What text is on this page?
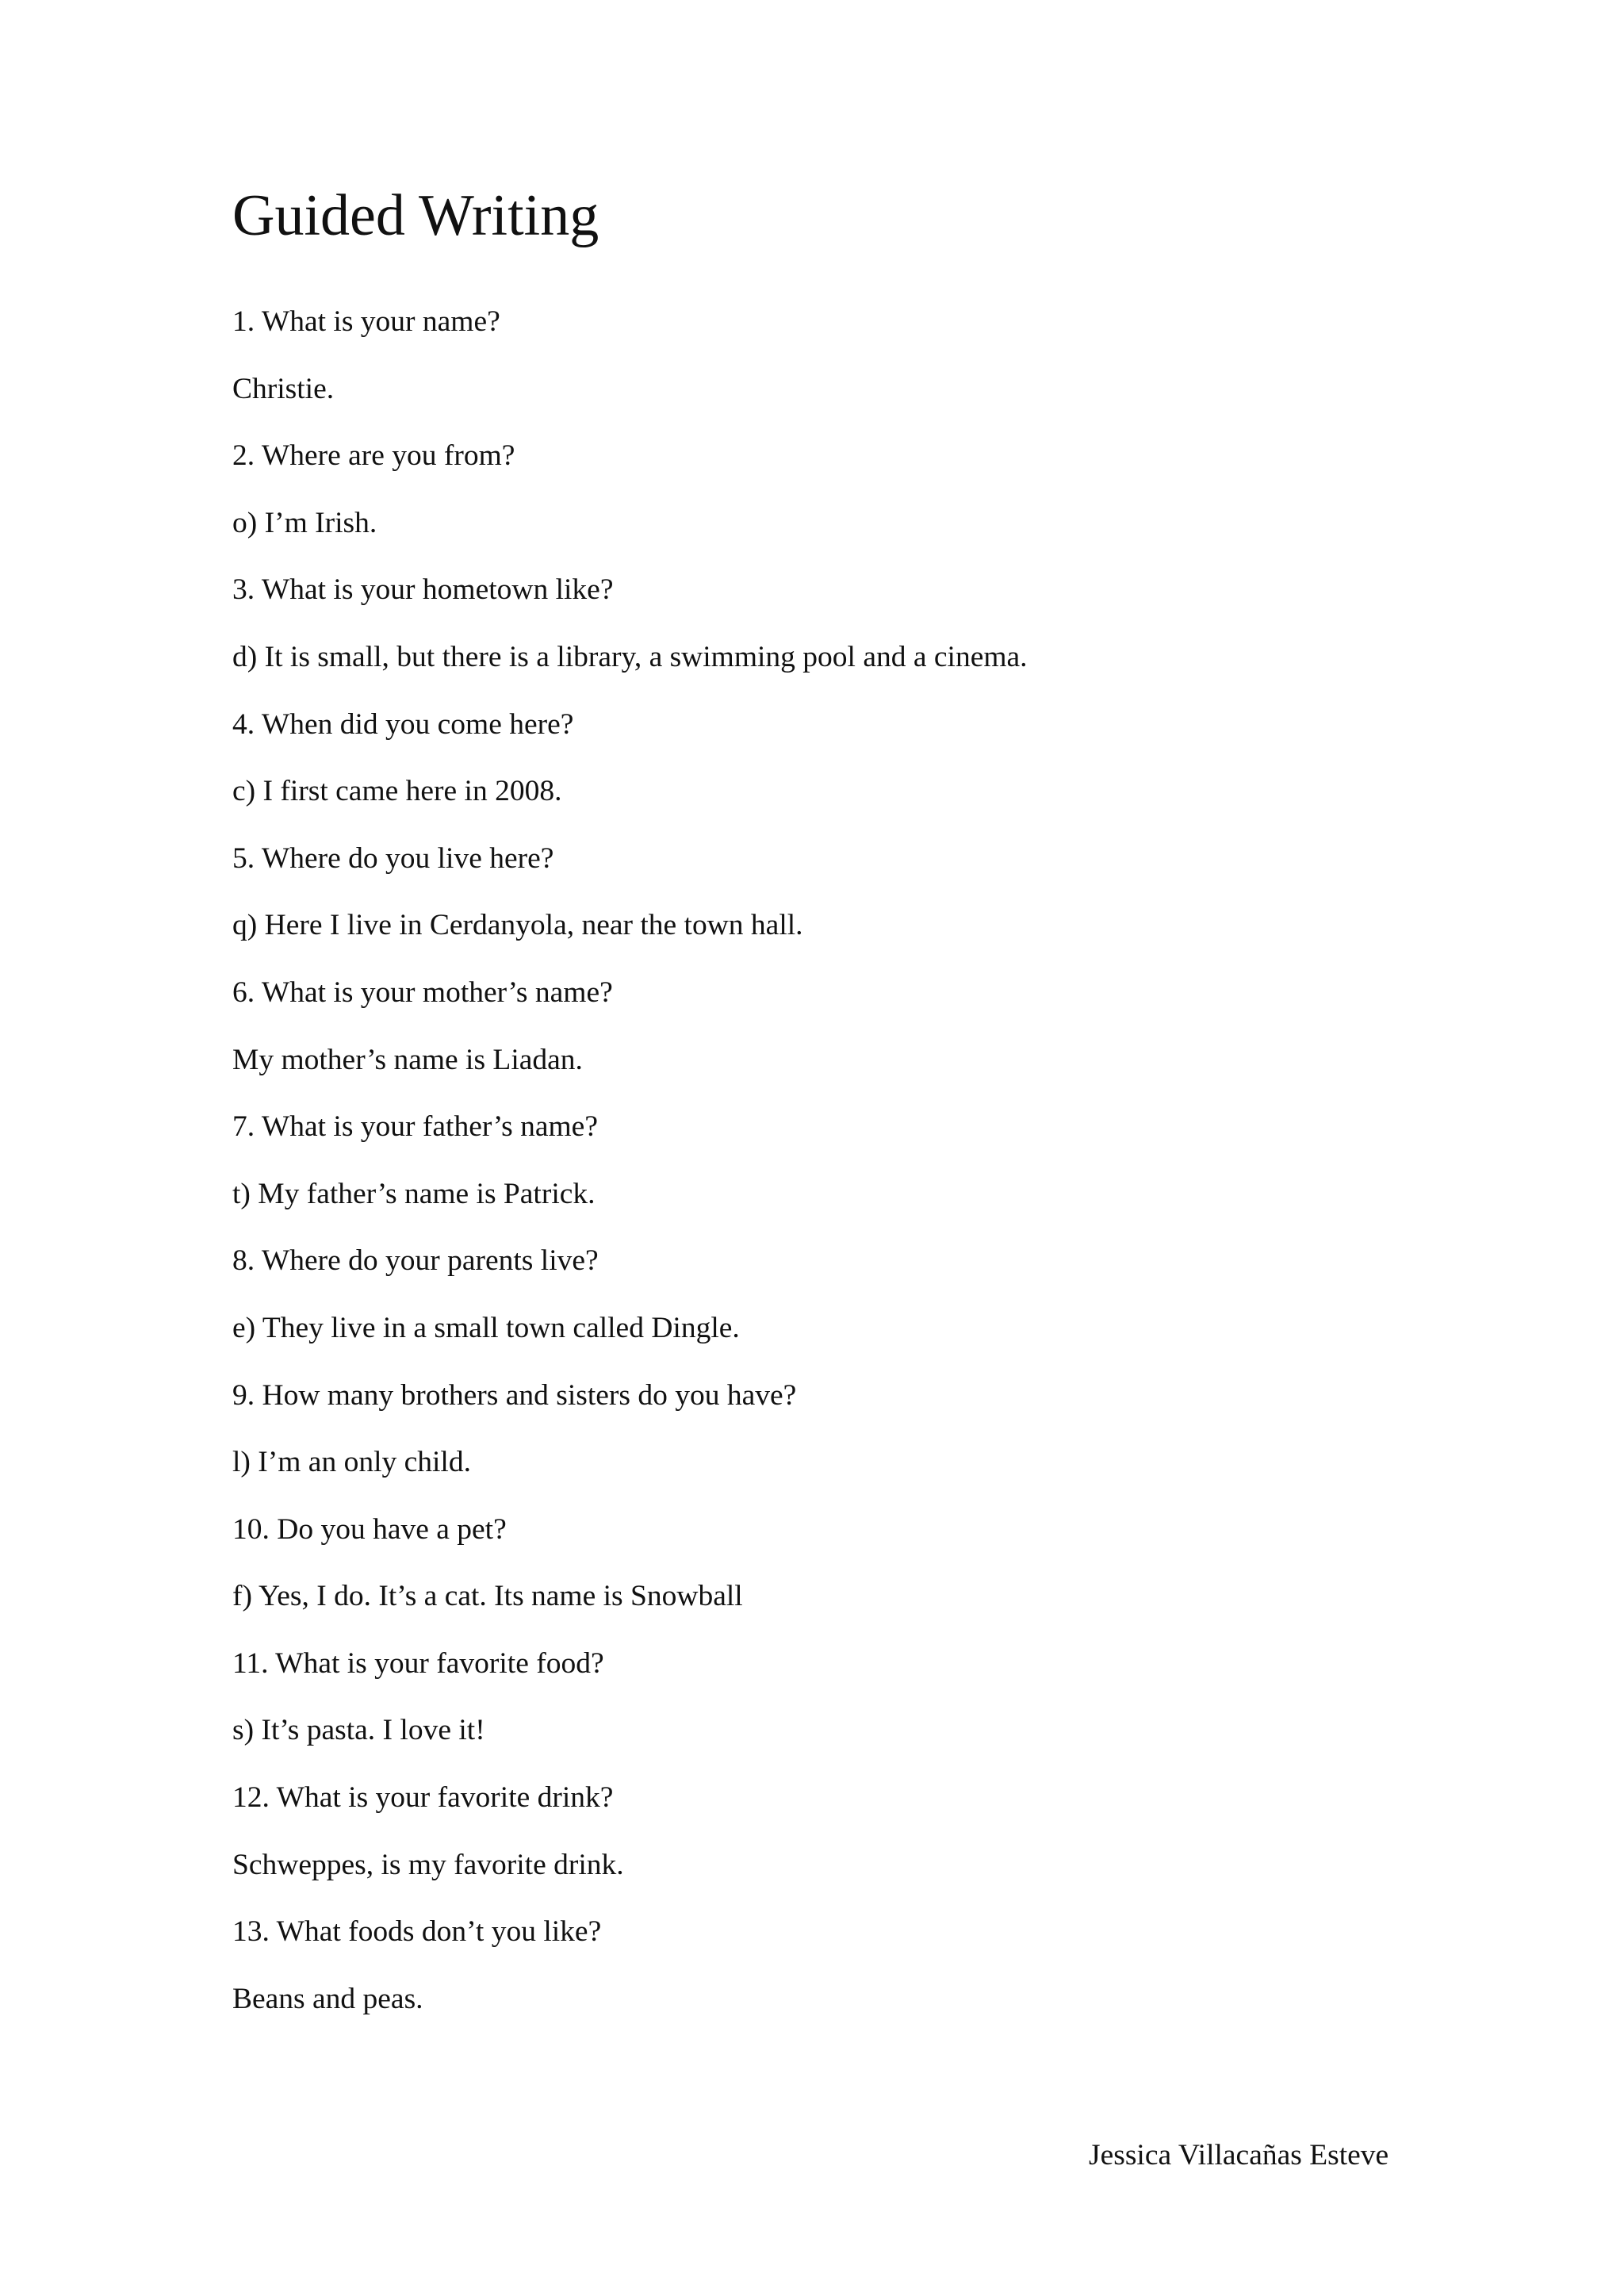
Guided Writing
1. What is your name?
Christie.
2. Where are you from?
o) I’m Irish.
3. What is your hometown like?
d) It is small, but there is a library, a swimming pool and a cinema.
4. When did you come here?
c) I first came here in 2008.
5. Where do you live here?
q) Here I live in Cerdanyola, near the town hall.
6. What is your mother’s name?
My mother’s name is Liadan.
7. What is your father’s name?
t) My father’s name is Patrick.
8. Where do your parents live?
e) They live in a small town called Dingle.
9. How many brothers and sisters do you have?
l) I’m an only child.
10. Do you have a pet?
f) Yes, I do. It’s a cat. Its name is Snowball
11. What is your favorite food?
s) It’s pasta. I love it!
12. What is your favorite drink?
Schweppes, is my favorite drink.
13. What foods don’t you like?
Beans and peas.
Jessica Villacañas Esteve
